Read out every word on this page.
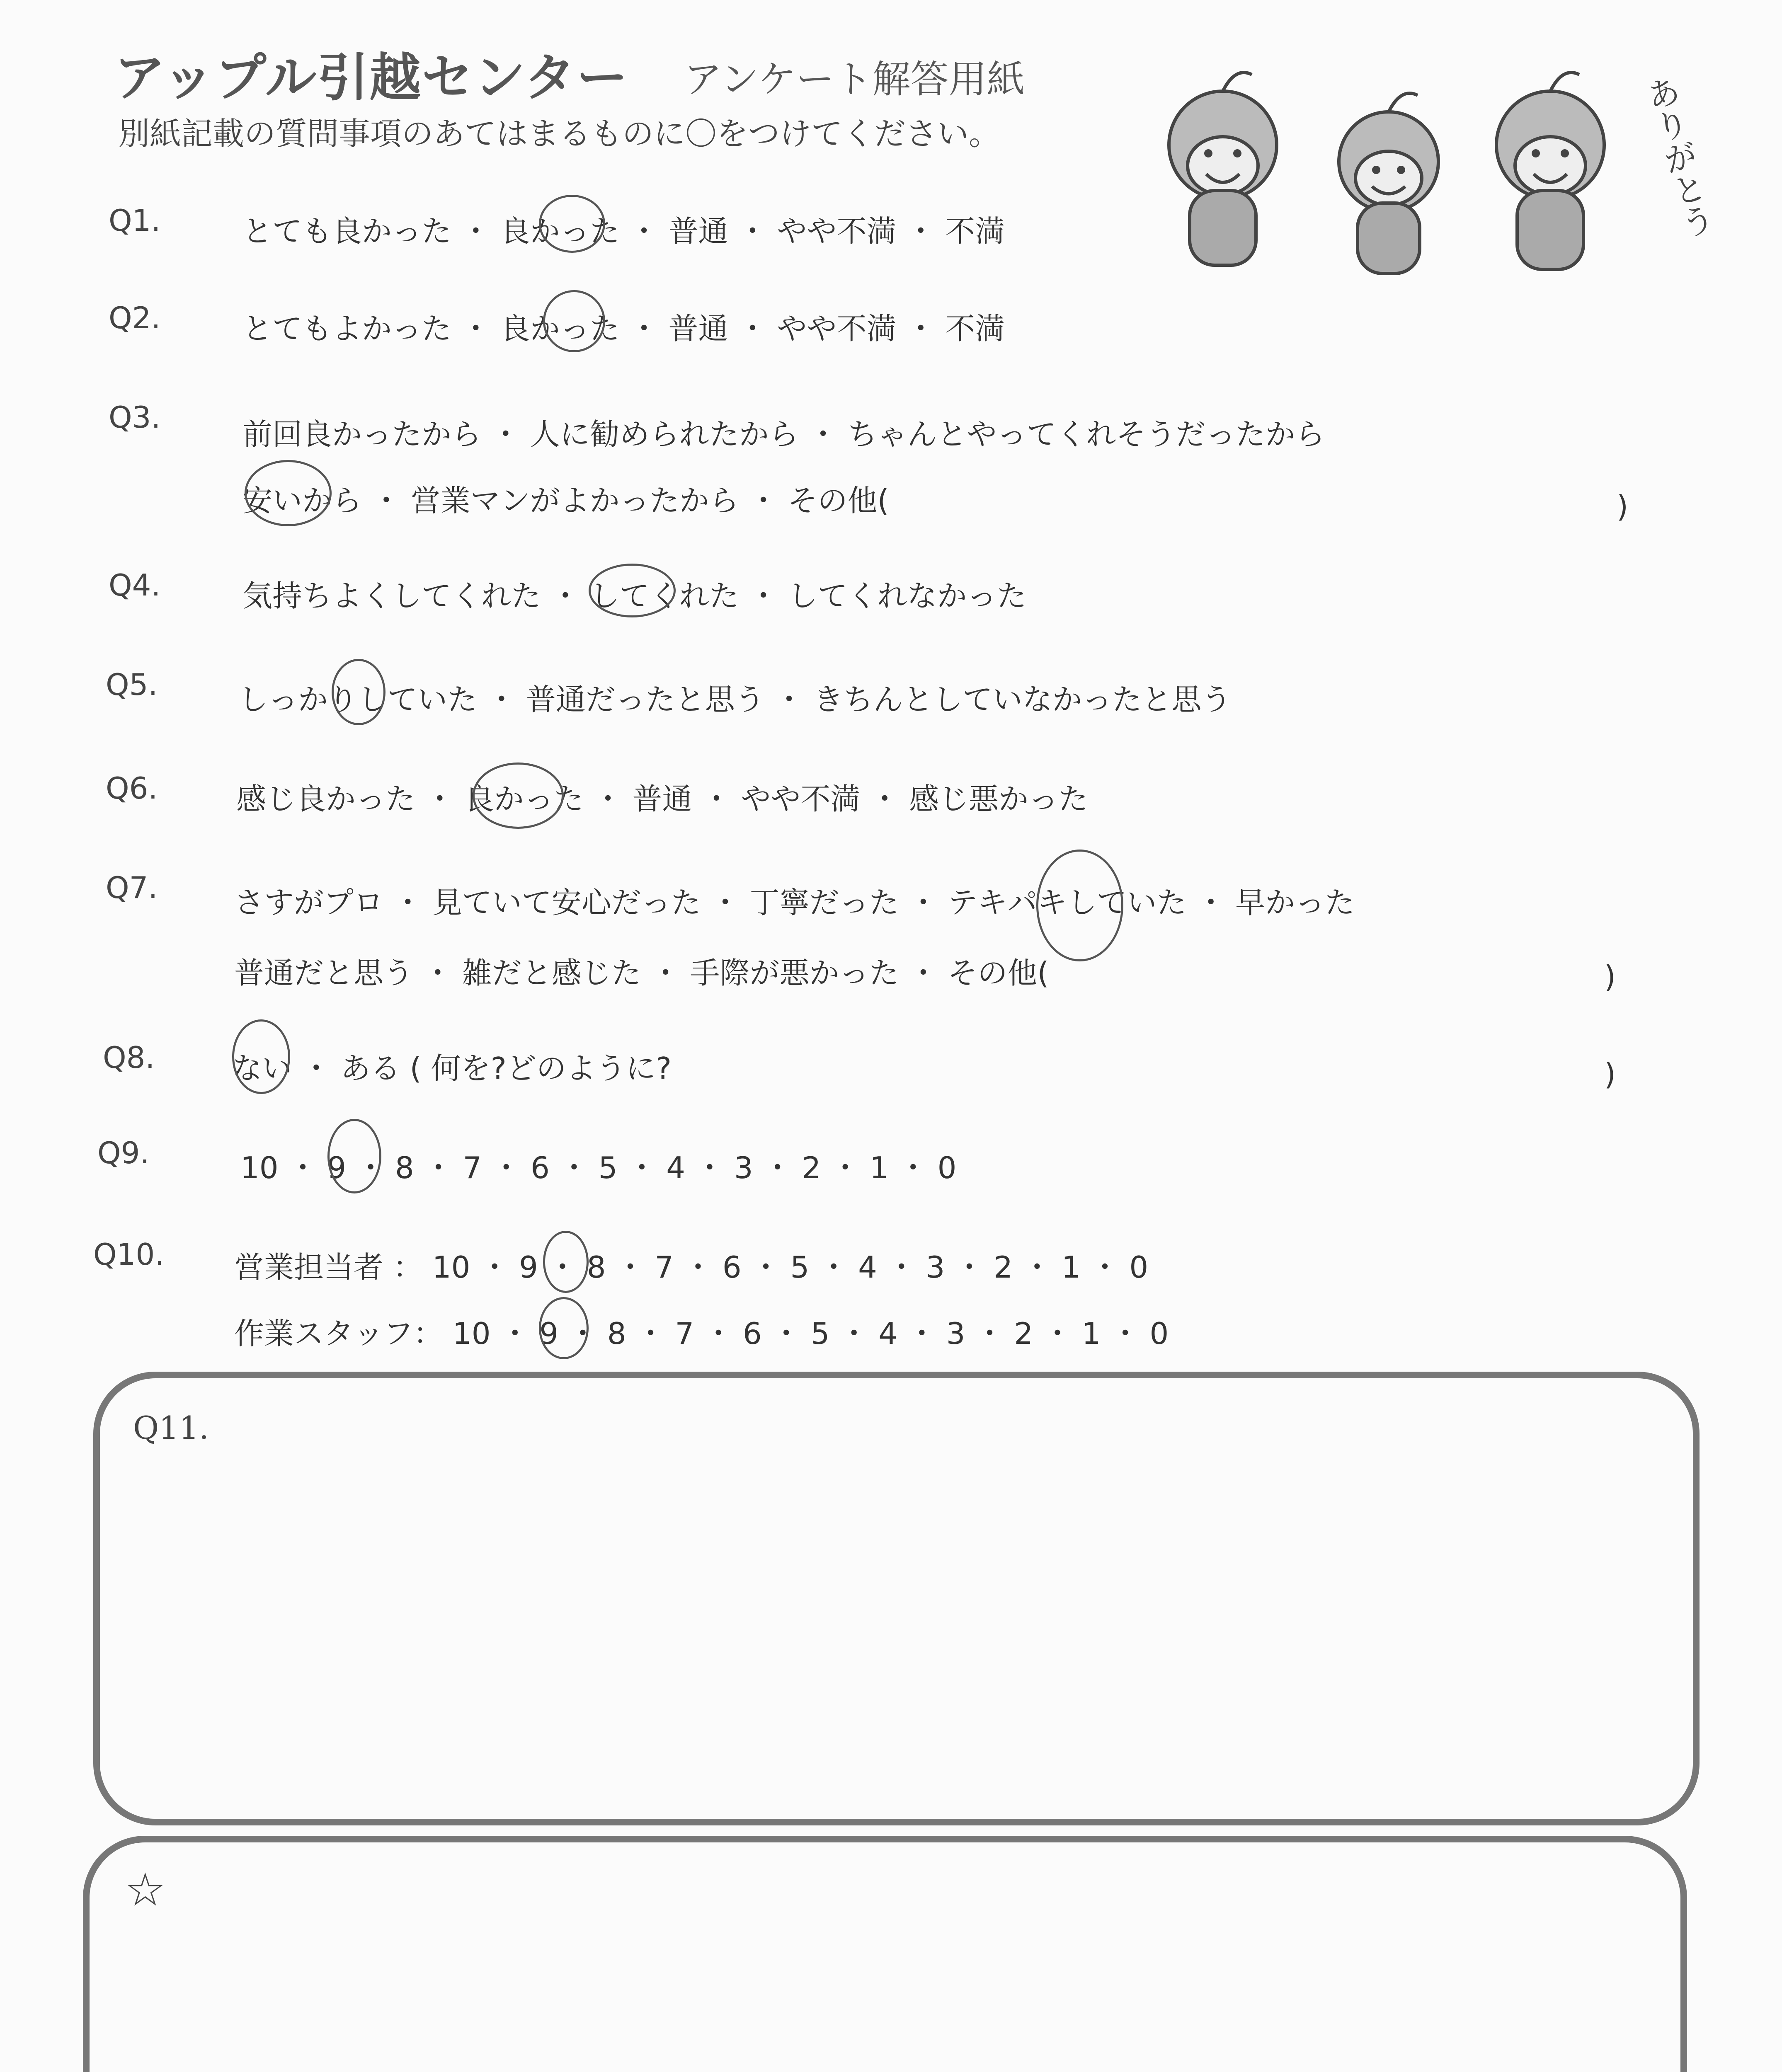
アップル引越センター アンケート解答用紙
別紙記載の質問事項のあてはまるものに〇をつけてください。	ありがとう
Q1.	とても良かった ・ 良かった ・ 普通 ・ やや不満 ・ 不満
Q2.	とてもよかった ・ 良かった ・ 普通 ・ やや不満 ・ 不満
Q3.	前回良かったから ・ 人に勧められたから ・ ちゃんとやってくれそうだったから
安いから ・ 営業マンがよかったから ・ その他(	)
Q4.	気持ちよくしてくれた ・ してくれた ・ してくれなかった
Q5.	しっかりしていた ・ 普通だったと思う ・ きちんとしていなかったと思う
Q6.	感じ良かった ・ 良かった ・ 普通 ・ やや不満 ・ 感じ悪かった
Q7.	さすがプロ ・ 見ていて安心だった ・ 丁寧だった ・ テキパキしていた ・ 早かった
普通だと思う ・ 雑だと感じた ・ 手際が悪かった ・ その他(	)
Q8.	ない ・ ある ( 何を?どのように?	)
Q9.	10 ・ 9 ・ 8 ・ 7 ・ 6 ・ 5 ・ 4 ・ 3 ・ 2 ・ 1 ・ 0
Q10. 営業担当者 ： 10 ・ 9 ・ 8 ・ 7 ・ 6 ・ 5 ・ 4 ・ 3 ・ 2 ・ 1 ・ 0
作業スタッフ： 10 ・ 9 ・ 8 ・ 7 ・ 6 ・ 5 ・ 4 ・ 3 ・ 2 ・ 1 ・ 0
Q11.
☆
